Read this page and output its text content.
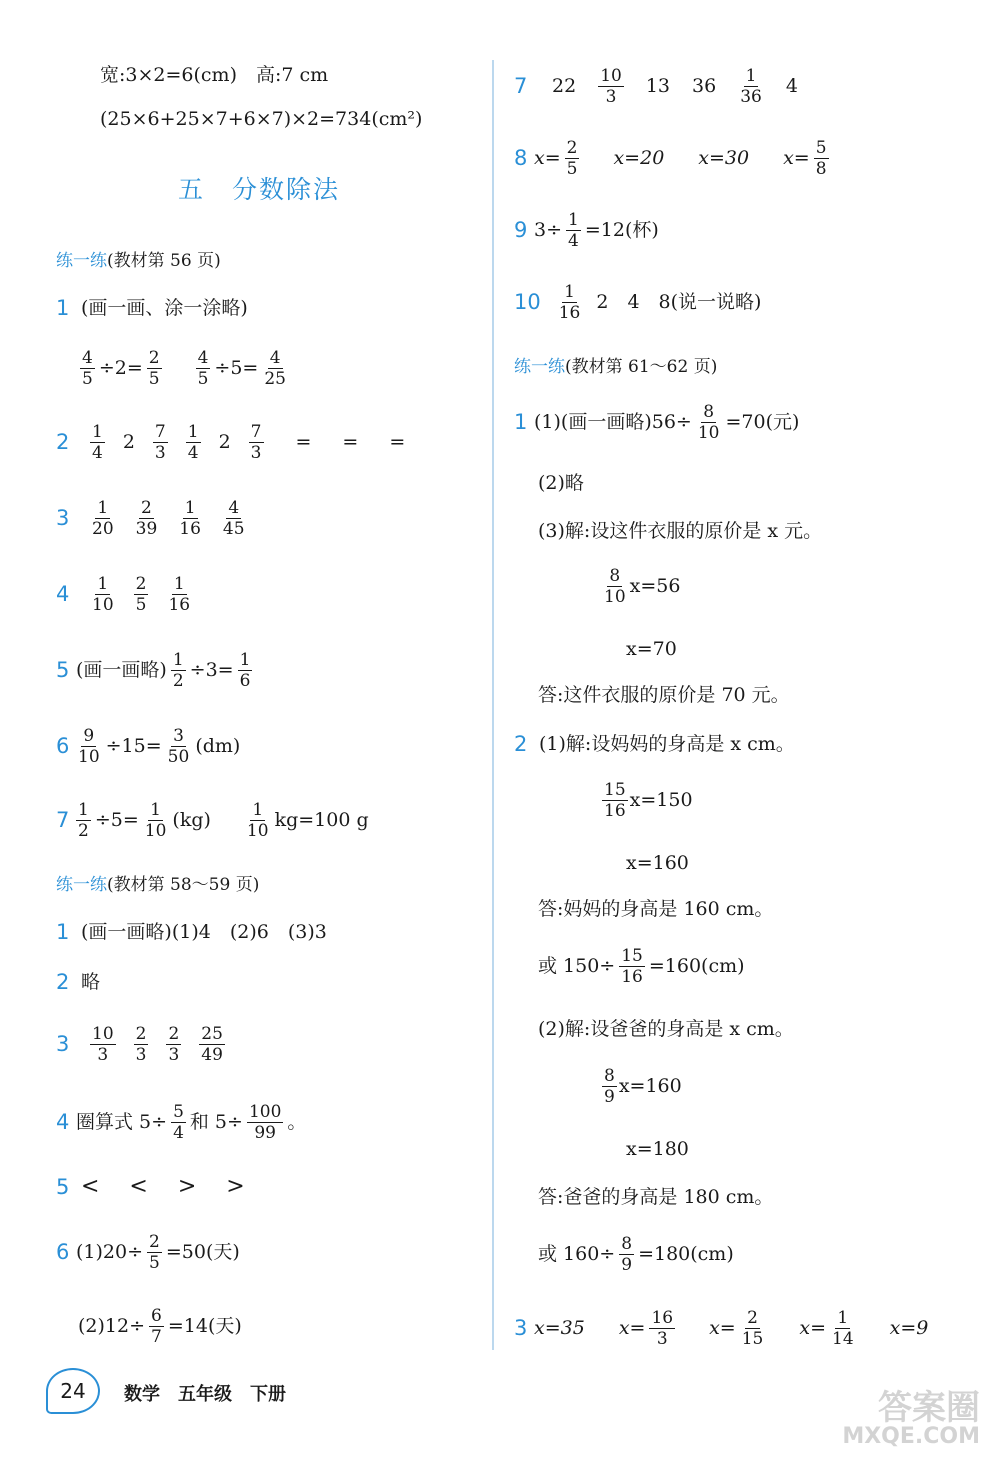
宽:3×2=6(cm)　高:7 cm
(25×6+25×7+6×7)×2=734(cm²)
五　分数除法
练一练(教材第 56 页)
1 (画一画、涂一涂略)
$\frac{4}{5} \div 2= \frac{2}{5} \frac{4}{5} \div 5= \frac{4}{25}$
2 1
4 2 7
3
1
4 $2 \frac{7}{3}$ =　=　=
3 1
20
2
39
1
16
4
45
4 1
10
2
5
1
16
5 (画一画略) $\frac{1}{2} \div 3= \frac{1}{6}$
$6 \frac{9}{10} \div 15= \frac{3}{50} (dm)$
$7 \frac{1}{2} \div 5= \frac{1}{10} (kg)$ 1
10 kg=100 g
练一练(教材第 58～59 页)
1 (画一画略)(1)4　(2)6　(3)3
2 略
3 10
3
2
3
2
3
25
49
4 圈算式 $5\div \frac{5}{4}$ 和 $5\div \frac{100}{99}$ 。
5 <　<　>　>
6 $(1)20\div \frac{2}{5} =50$(天)
$(2)12\div \frac{6}{7} =14$(天)
7 22 10
3 13 36 1
36 4
8 $x= \frac{2}{5} x=20$ x=30 $x= \frac{5}{8}$
9 $3\div \frac{1}{4} =12$(杯)
10 1
16 2　4　8(说一说略)
练一练(教材第 61～62 页)
1 (1)(画一画略)$56\div \frac{8}{10} =70$(元)
(2)略
(3)解:设这件衣服的原价是 x 元。
8
10 x=56
x=70
答:这件衣服的原价是 70 元。
2 (1)解:设妈妈的身高是 x cm。
15
16 x=150
x=160
答:妈妈的身高是 160 cm。
或 $150\div \frac{15}{16} =160(cm)$
(2)解:设爸爸的身高是 x cm。
8
9 x=160
x=180
答:爸爸的身高是 180 cm。
或 $160\div \frac{8}{9} =180(cm)$
3 x=35 $x= \frac{16}{3} x= \frac{2}{15} x= \frac{1}{14} x=9$
24 数学　五年级　下册	答案圈
MXQE.COM
